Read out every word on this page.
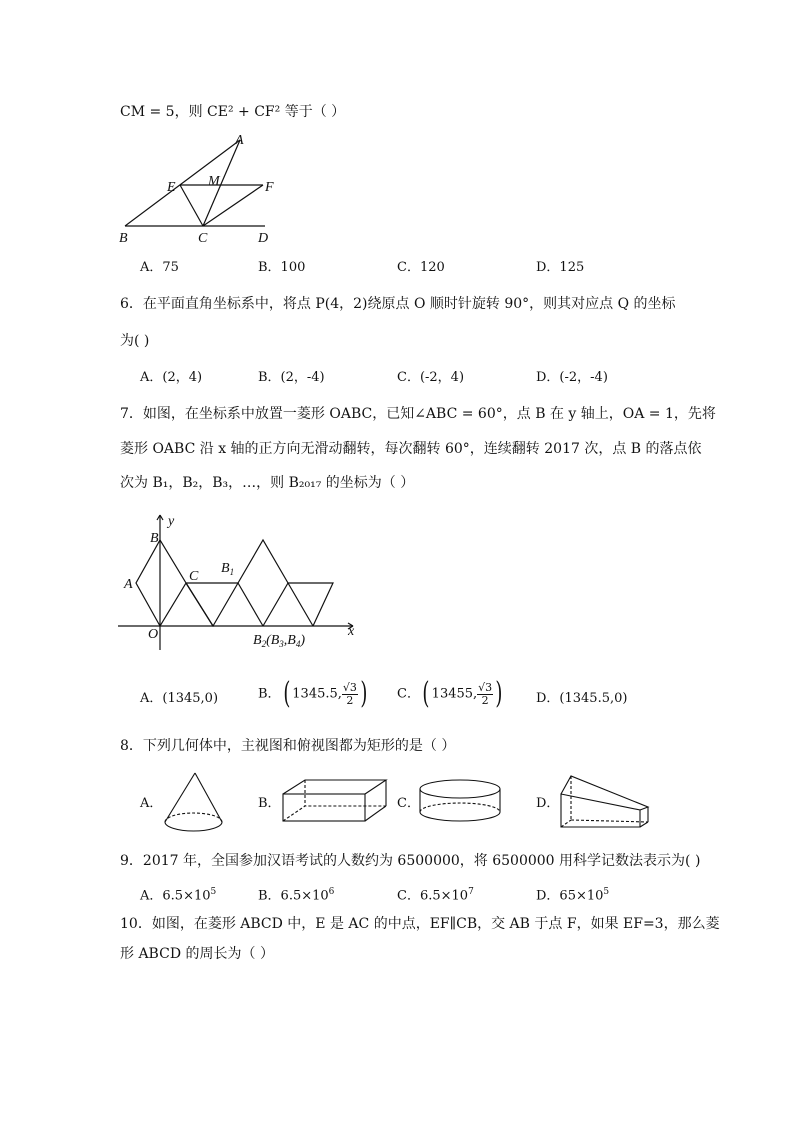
CM = 5，则 CE² + CF² 等于（ ）
A
E M	F
B	C	D
A．75	B．100	C．120	D．125
6．在平面直角坐标系中，将点 P(4，2)绕原点 O 顺时针旋转 90°，则其对应点 Q 的坐标
为( )
A．(2，4)	B．(2，-4)	C．(-2，4)	D．(-2，-4)
7．如图，在坐标系中放置一菱形 OABC，已知∠ABC = 60°，点 B 在 y 轴上，OA = 1，先将
菱形 OABC 沿 x 轴的正方向无滑动翻转，每次翻转 60°，连续翻转 2017 次，点 B 的落点依
次为 B₁，B₂，B₃，…，则 B₂₀₁₇ 的坐标为（ ）
y
B
A
C
$B_1$
O	x
$B_2(B_3,B_4)$
A．(1345,0)	B．( 1345.5, $\frac{√3}{2}$ ) C．( 13455, $\frac{√3}{2}$ )	D．(1345.5,0)
8．下列几何体中，主视图和俯视图都为矩形的是（ ）
A．	B．	C．	D．
9．2017 年，全国参加汉语考试的人数约为 6500000，将 6500000 用科学记数法表示为( )
A．$6.5\times 10^5$	B．$6.5\times 10^6$	C．$6.5\times 10^7$	D．$65\times 10^5$
10．如图，在菱形 ABCD 中，E 是 AC 的中点，EF∥CB，交 AB 于点 F，如果 EF=3，那么菱
形 ABCD 的周长为（ ）
